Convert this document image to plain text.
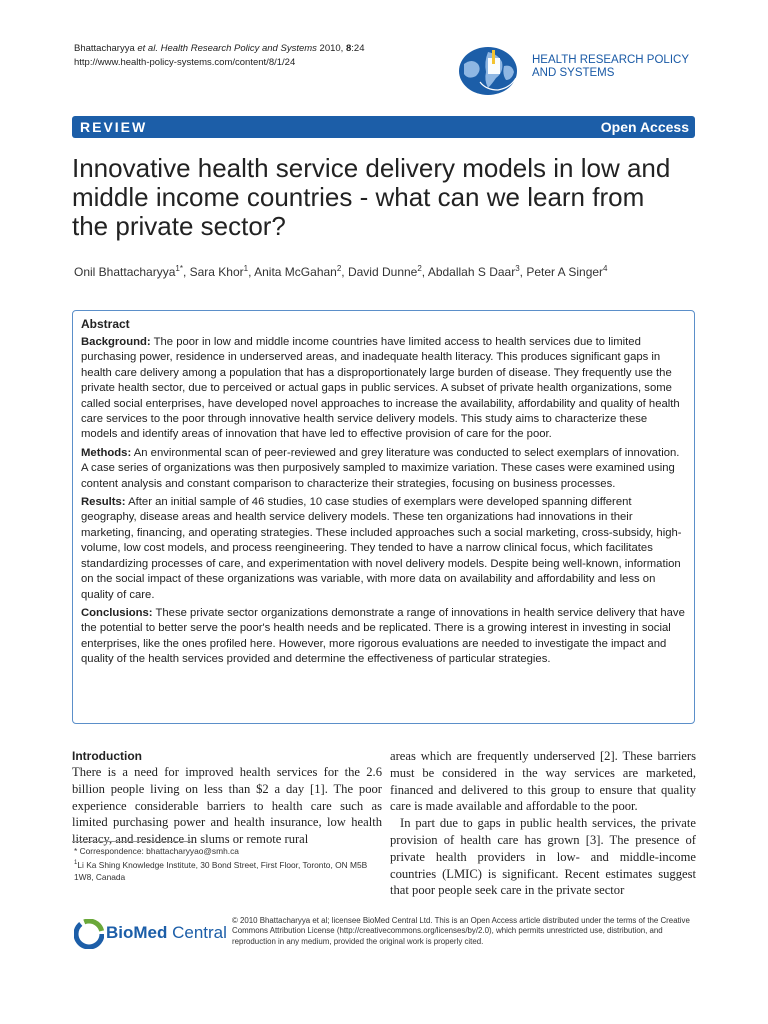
Bhattacharyya et al. Health Research Policy and Systems 2010, 8:24
http://www.health-policy-systems.com/content/8/1/24	HEALTH RESEARCH POLICY
AND SYSTEMS
REVIEW	Open Access
Innovative health service delivery models in low and middle income countries - what can we learn from the private sector?
Onil Bhattacharyya$^{1*}$, Sara Khor$^1$, Anita McGahan$^2$, David Dunne$^2$, Abdallah S Daar$^3$, Peter A Singer$^4$
Abstract

Background: The poor in low and middle income countries have limited access to health services due to limited purchasing power, residence in underserved areas, and inadequate health literacy. This produces significant gaps in health care delivery among a population that has a disproportionately large burden of disease. They frequently use the private health sector, due to perceived or actual gaps in public services. A subset of private health organizations, some called social enterprises, have developed novel approaches to increase the availability, affordability and quality of health care services to the poor through innovative health service delivery models. This study aims to characterize these models and identify areas of innovation that have led to effective provision of care for the poor.

Methods: An environmental scan of peer-reviewed and grey literature was conducted to select exemplars of innovation. A case series of organizations was then purposively sampled to maximize variation. These cases were examined using content analysis and constant comparison to characterize their strategies, focusing on business processes.

Results: After an initial sample of 46 studies, 10 case studies of exemplars were developed spanning different geography, disease areas and health service delivery models. These ten organizations had innovations in their marketing, financing, and operating strategies. These included approaches such a social marketing, cross-subsidy, high-volume, low cost models, and process reengineering. They tended to have a narrow clinical focus, which facilitates standardizing processes of care, and experimentation with novel delivery models. Despite being well-known, information on the social impact of these organizations was variable, with more data on availability and affordability and less on quality of care.

Conclusions: These private sector organizations demonstrate a range of innovations in health service delivery that have the potential to better serve the poor's health needs and be replicated. There is a growing interest in investing in social enterprises, like the ones profiled here. However, more rigorous evaluations are needed to investigate the impact and quality of the health services provided and determine the effectiveness of particular strategies.

Introduction
There is a need for improved health services for the 2.6 billion people living on less than $2 a day [1]. The poor experience considerable barriers to health care such as limited purchasing power and health insurance, low health literacy, and residence in slums or remote rural
areas which are frequently underserved [2]. These barriers must be considered in the way services are marketed, financed and delivered to this group to ensure that quality care is made available and affordable to the poor.
In part due to gaps in public health services, the private provision of health care has grown [3]. The presence of private health providers in low- and middle-income countries (LMIC) is significant. Recent estimates suggest that poor people seek care in the private sector
* Correspondence: bhattacharyyao@smh.ca
$^1$Li Ka Shing Knowledge Institute, 30 Bond Street, First Floor, Toronto, ON M5B 1W8, Canada
BioMed Central
© 2010 Bhattacharyya et al; licensee BioMed Central Ltd. This is an Open Access article distributed under the terms of the Creative Commons Attribution License (http://creativecommons.org/licenses/by/2.0), which permits unrestricted use, distribution, and reproduction in any medium, provided the original work is properly cited.
